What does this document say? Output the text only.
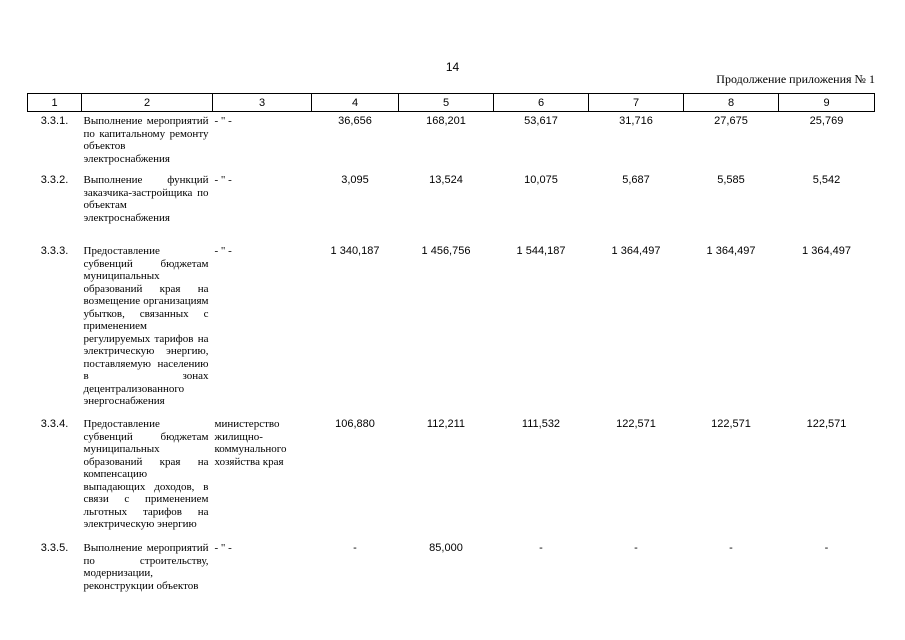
14
Продолжение приложения № 1
1	2	3	4	5	6	7	8	9
3.3.1.	Выполнение мероприятий по капитальному ремонту объектов электроснабжения	- " -	36,656	168,201	53,617	31,716	27,675	25,769
3.3.2.	Выполнение функций заказчика-застройщика по объектам электроснабжения	- " -	3,095	13,524	10,075	5,687	5,585	5,542
3.3.3.	Предоставление субвенций бюджетам муниципальных образований края на возмещение организациям убытков, связанных с применением регулируемых тарифов на электрическую энергию, поставляемую населению в зонах децентрализованного энергоснабжения	- " -	1 340,187	1 456,756	1 544,187	1 364,497	1 364,497	1 364,497
3.3.4.	Предоставление субвенций бюджетам муниципальных образований края на компенсацию выпадающих доходов, в связи с применением льготных тарифов на электрическую энергию	министерство жилищно-коммунального хозяйства края	106,880	112,211	111,532	122,571	122,571	122,571
3.3.5.	Выполнение мероприятий по строительству, модернизации, реконструкции объектов	- " -	-	85,000	-	-	-	-
